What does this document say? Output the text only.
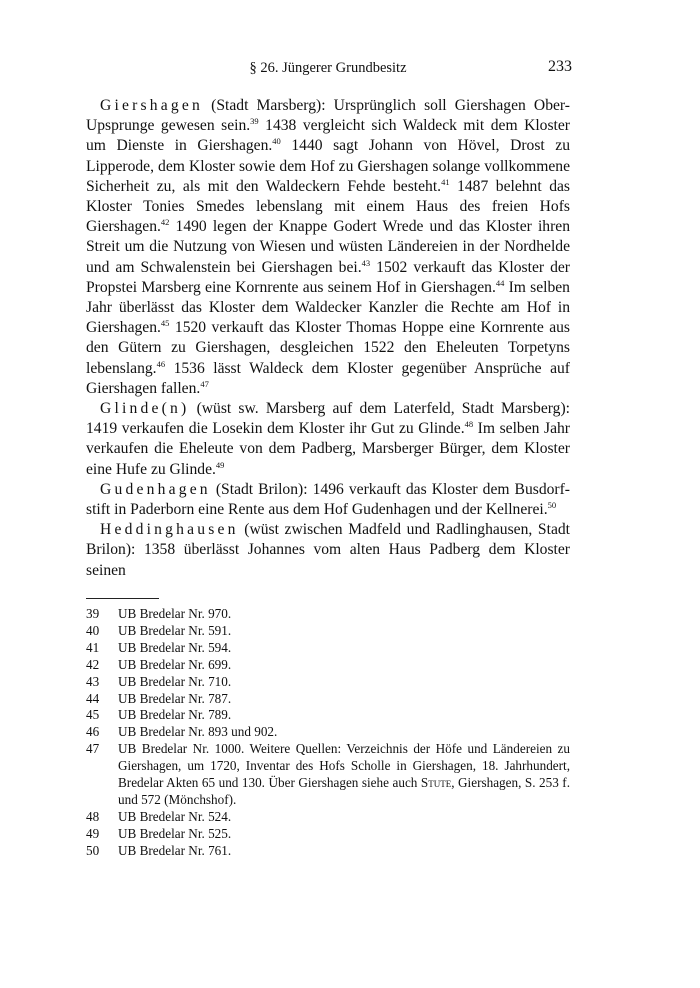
§ 26. Jüngerer Grundbesitz	233

Giershagen (Stadt Marsberg): Ursprünglich soll Giershagen Ober-Upsprunge gewesen sein.$^{39}$ 1438 vergleicht sich Waldeck mit dem Kloster um Dienste in Giershagen.$^{40}$ 1440 sagt Johann von Hövel, Drost zu Lipperode, dem Kloster sowie dem Hof zu Giershagen solange vollkommene Sicherheit zu, als mit den Waldeckern Fehde besteht.$^{41}$ 1487 belehnt das Kloster Tonies Smedes lebenslang mit einem Haus des freien Hofs Giershagen.$^{42}$ 1490 legen der Knappe Godert Wrede und das Kloster ihren Streit um die Nutzung von Wiesen und wüsten Ländereien in der Nordhelde und am Schwalenstein bei Giershagen bei.$^{43}$ 1502 verkauft das Kloster der Propstei Marsberg eine Kornrente aus seinem Hof in Giershagen.$^{44}$ Im selben Jahr überlässt das Kloster dem Waldecker Kanzler die Rechte am Hof in Giershagen.$^{45}$ 1520 verkauft das Kloster Thomas Hoppe eine Kornrente aus den Gütern zu Giershagen, desgleichen 1522 den Eheleuten Torpetyns lebenslang.$^{46}$ 1536 lässt Waldeck dem Kloster gegenüber Ansprüche auf Giershagen fallen.$^{47}$

Glinde(n) (wüst sw. Marsberg auf dem Laterfeld, Stadt Marsberg): 1419 verkaufen die Losekin dem Kloster ihr Gut zu Glinde.$^{48}$ Im selben Jahr verkaufen die Eheleute von dem Padberg, Marsberger Bürger, dem Kloster eine Hufe zu Glinde.$^{49}$

Gudenhagen (Stadt Brilon): 1496 verkauft das Kloster dem Busdorf-stift in Paderborn eine Rente aus dem Hof Gudenhagen und der Kellnerei.$^{50}$

Heddinghausen (wüst zwischen Madfeld und Radlinghausen, Stadt Brilon): 1358 überlässt Johannes vom alten Haus Padberg dem Kloster seinen

39	UB Bredelar Nr. 970.
40	UB Bredelar Nr. 591.
41	UB Bredelar Nr. 594.
42	UB Bredelar Nr. 699.
43	UB Bredelar Nr. 710.
44	UB Bredelar Nr. 787.
45	UB Bredelar Nr. 789.
46	UB Bredelar Nr. 893 und 902.
47	UB Bredelar Nr. 1000. Weitere Quellen: Verzeichnis der Höfe und Ländereien zu Giershagen, um 1720, Inventar des Hofs Scholle in Giershagen, 18. Jahrhundert, Bredelar Akten 65 und 130. Über Giershagen siehe auch Stute, Giershagen, S. 253 f. und 572 (Mönchshof).
48	UB Bredelar Nr. 524.
49	UB Bredelar Nr. 525.
50	UB Bredelar Nr. 761.
